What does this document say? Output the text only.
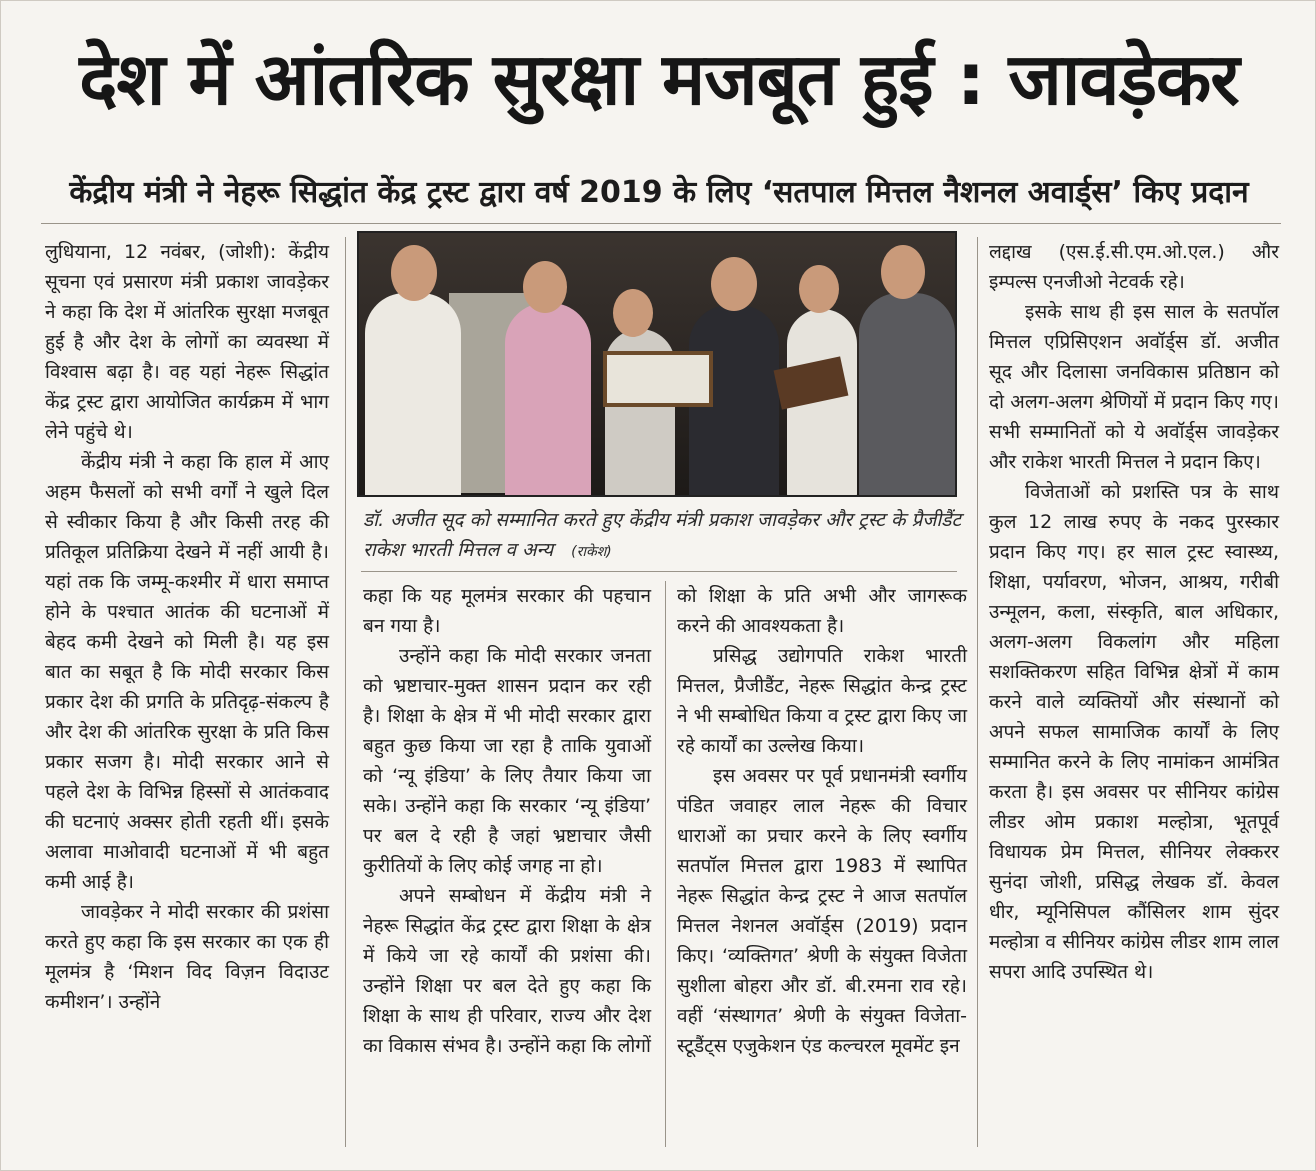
देश में आंतरिक सुरक्षा मजबूत हुई : जावड़ेकर
केंद्रीय मंत्री ने नेहरू सिद्धांत केंद्र ट्रस्ट द्वारा वर्ष 2019 के लिए ‘सतपाल मित्तल नैशनल अवार्ड्स’ किए प्रदान

लुधियाना, 12 नवंबर, (जोशी): केंद्रीय सूचना एवं प्रसारण मंत्री प्रकाश जावड़ेकर ने कहा कि देश में आंतरिक सुरक्षा मजबूत हुई है और देश के लोगों का व्यवस्था में विश्वास बढ़ा है। वह यहां नेहरू सिद्धांत केंद्र ट्रस्ट द्वारा आयोजित कार्यक्रम में भाग लेने पहुंचे थे।

केंद्रीय मंत्री ने कहा कि हाल में आए अहम फैसलों को सभी वर्गों ने खुले दिल से स्वीकार किया है और किसी तरह की प्रतिकूल प्रतिक्रिया देखने में नहीं आयी है। यहां तक कि जम्मू-कश्मीर में धारा समाप्त होने के पश्चात आतंक की घटनाओं में बेहद कमी देखने को मिली है। यह इस बात का सबूत है कि मोदी सरकार किस प्रकार देश की प्रगति के प्रतिदृढ़-संकल्प है और देश की आंतरिक सुरक्षा के प्रति किस प्रकार सजग है। मोदी सरकार आने से पहले देश के विभिन्न हिस्सों से आतंकवाद की घटनाएं अक्सर होती रहती थीं। इसके अलावा माओवादी घटनाओं में भी बहुत कमी आई है।

जावड़ेकर ने मोदी सरकार की प्रशंसा करते हुए कहा कि इस सरकार का एक ही मूलमंत्र है ‘मिशन विद विज़न विदाउट कमीशन’। उन्होंने

डॉ. अजीत सूद को सम्मानित करते हुए केंद्रीय मंत्री प्रकाश जावड़ेकर और ट्रस्ट के प्रैजीडैंट राकेश भारती मित्तल व अन्य (राकेश)

कहा कि यह मूलमंत्र सरकार की पहचान बन गया है।

उन्होंने कहा कि मोदी सरकार जनता को भ्रष्टाचार-मुक्त शासन प्रदान कर रही है। शिक्षा के क्षेत्र में भी मोदी सरकार द्वारा बहुत कुछ किया जा रहा है ताकि युवाओं को ‘न्यू इंडिया’ के लिए तैयार किया जा सके। उन्होंने कहा कि सरकार ‘न्यू इंडिया’ पर बल दे रही है जहां भ्रष्टाचार जैसी कुरीतियों के लिए कोई जगह ना हो।

अपने सम्बोधन में केंद्रीय मंत्री ने नेहरू सिद्धांत केंद्र ट्रस्ट द्वारा शिक्षा के क्षेत्र में किये जा रहे कार्यों की प्रशंसा की। उन्होंने शिक्षा पर बल देते हुए कहा कि शिक्षा के साथ ही परिवार, राज्य और देश का विकास संभव है। उन्होंने कहा कि लोगों

को शिक्षा के प्रति अभी और जागरूक करने की आवश्यकता है।

प्रसिद्ध उद्योगपति राकेश भारती मित्तल, प्रैजीडैंट, नेहरू सिद्धांत केन्द्र ट्रस्ट ने भी सम्बोधित किया व ट्रस्ट द्वारा किए जा रहे कार्यों का उल्लेख किया।

इस अवसर पर पूर्व प्रधानमंत्री स्वर्गीय पंडित जवाहर लाल नेहरू की विचार धाराओं का प्रचार करने के लिए स्वर्गीय सतपॉल मित्तल द्वारा 1983 में स्थापित नेहरू सिद्धांत केन्द्र ट्रस्ट ने आज सतपॉल मित्तल नेशनल अवॉर्ड्स (2019) प्रदान किए। ‘व्यक्तिगत’ श्रेणी के संयुक्त विजेता सुशीला बोहरा और डॉ. बी.रमना राव रहे। वहीं ‘संस्थागत’ श्रेणी के संयुक्त विजेता-स्टूडैंट्स एजुकेशन एंड कल्चरल मूवमेंट इन

लद्दाख (एस.ई.सी.एम.ओ.एल.) और इम्पल्स एनजीओ नेटवर्क रहे।

इसके साथ ही इस साल के सतपॉल मित्तल एप्रिसिएशन अवॉर्ड्स डॉ. अजीत सूद और दिलासा जनविकास प्रतिष्ठान को दो अलग-अलग श्रेणियों में प्रदान किए गए। सभी सम्मानितों को ये अवॉर्ड्स जावड़ेकर और राकेश भारती मित्तल ने प्रदान किए।

विजेताओं को प्रशस्ति पत्र के साथ कुल 12 लाख रुपए के नकद पुरस्कार प्रदान किए गए। हर साल ट्रस्ट स्वास्थ्य, शिक्षा, पर्यावरण, भोजन, आश्रय, गरीबी उन्मूलन, कला, संस्कृति, बाल अधिकार, अलग-अलग विकलांग और महिला सशक्तिकरण सहित विभिन्न क्षेत्रों में काम करने वाले व्यक्तियों और संस्थानों को अपने सफल सामाजिक कार्यों के लिए सम्मानित करने के लिए नामांकन आमंत्रित करता है। इस अवसर पर सीनियर कांग्रेस लीडर ओम प्रकाश मल्होत्रा, भूतपूर्व विधायक प्रेम मित्तल, सीनियर लेक्करर सुनंदा जोशी, प्रसिद्ध लेखक डॉ. केवल धीर, म्यूनिसिपल कौंसिलर शाम सुंदर मल्होत्रा व सीनियर कांग्रेस लीडर शाम लाल सपरा आदि उपस्थित थे।
